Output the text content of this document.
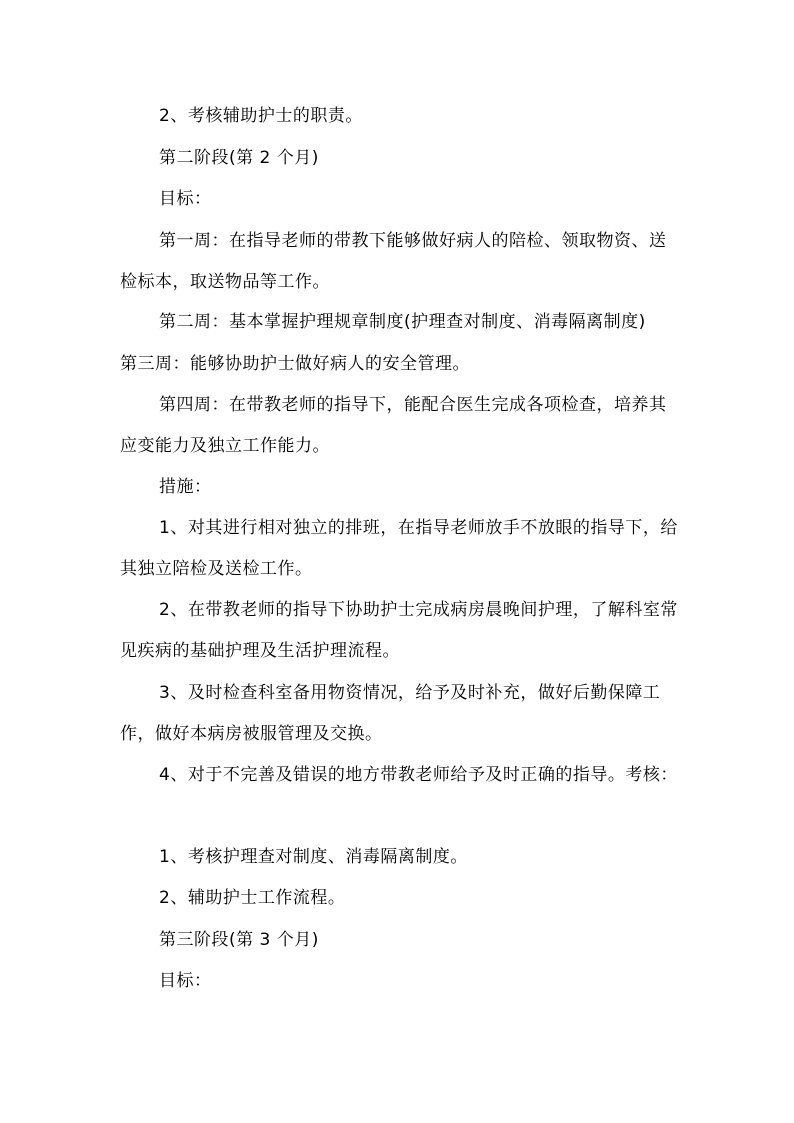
2、考核辅助护士的职责。

第二阶段(第 2 个月)

目标：

第一周：在指导老师的带教下能够做好病人的陪检、领取物资、送检标本，取送物品等工作。

第二周：基本掌握护理规章制度(护理查对制度、消毒隔离制度)

第三周：能够协助护士做好病人的安全管理。

第四周：在带教老师的指导下，能配合医生完成各项检查，培养其应变能力及独立工作能力。

措施：

1、对其进行相对独立的排班，在指导老师放手不放眼的指导下，给其独立陪检及送检工作。

2、在带教老师的指导下协助护士完成病房晨晚间护理，了解科室常见疾病的基础护理及生活护理流程。

3、及时检查科室备用物资情况，给予及时补充，做好后勤保障工作，做好本病房被服管理及交换。

4、对于不完善及错误的地方带教老师给予及时正确的指导。考核：

1、考核护理查对制度、消毒隔离制度。

2、辅助护士工作流程。

第三阶段(第 3 个月)

目标：
